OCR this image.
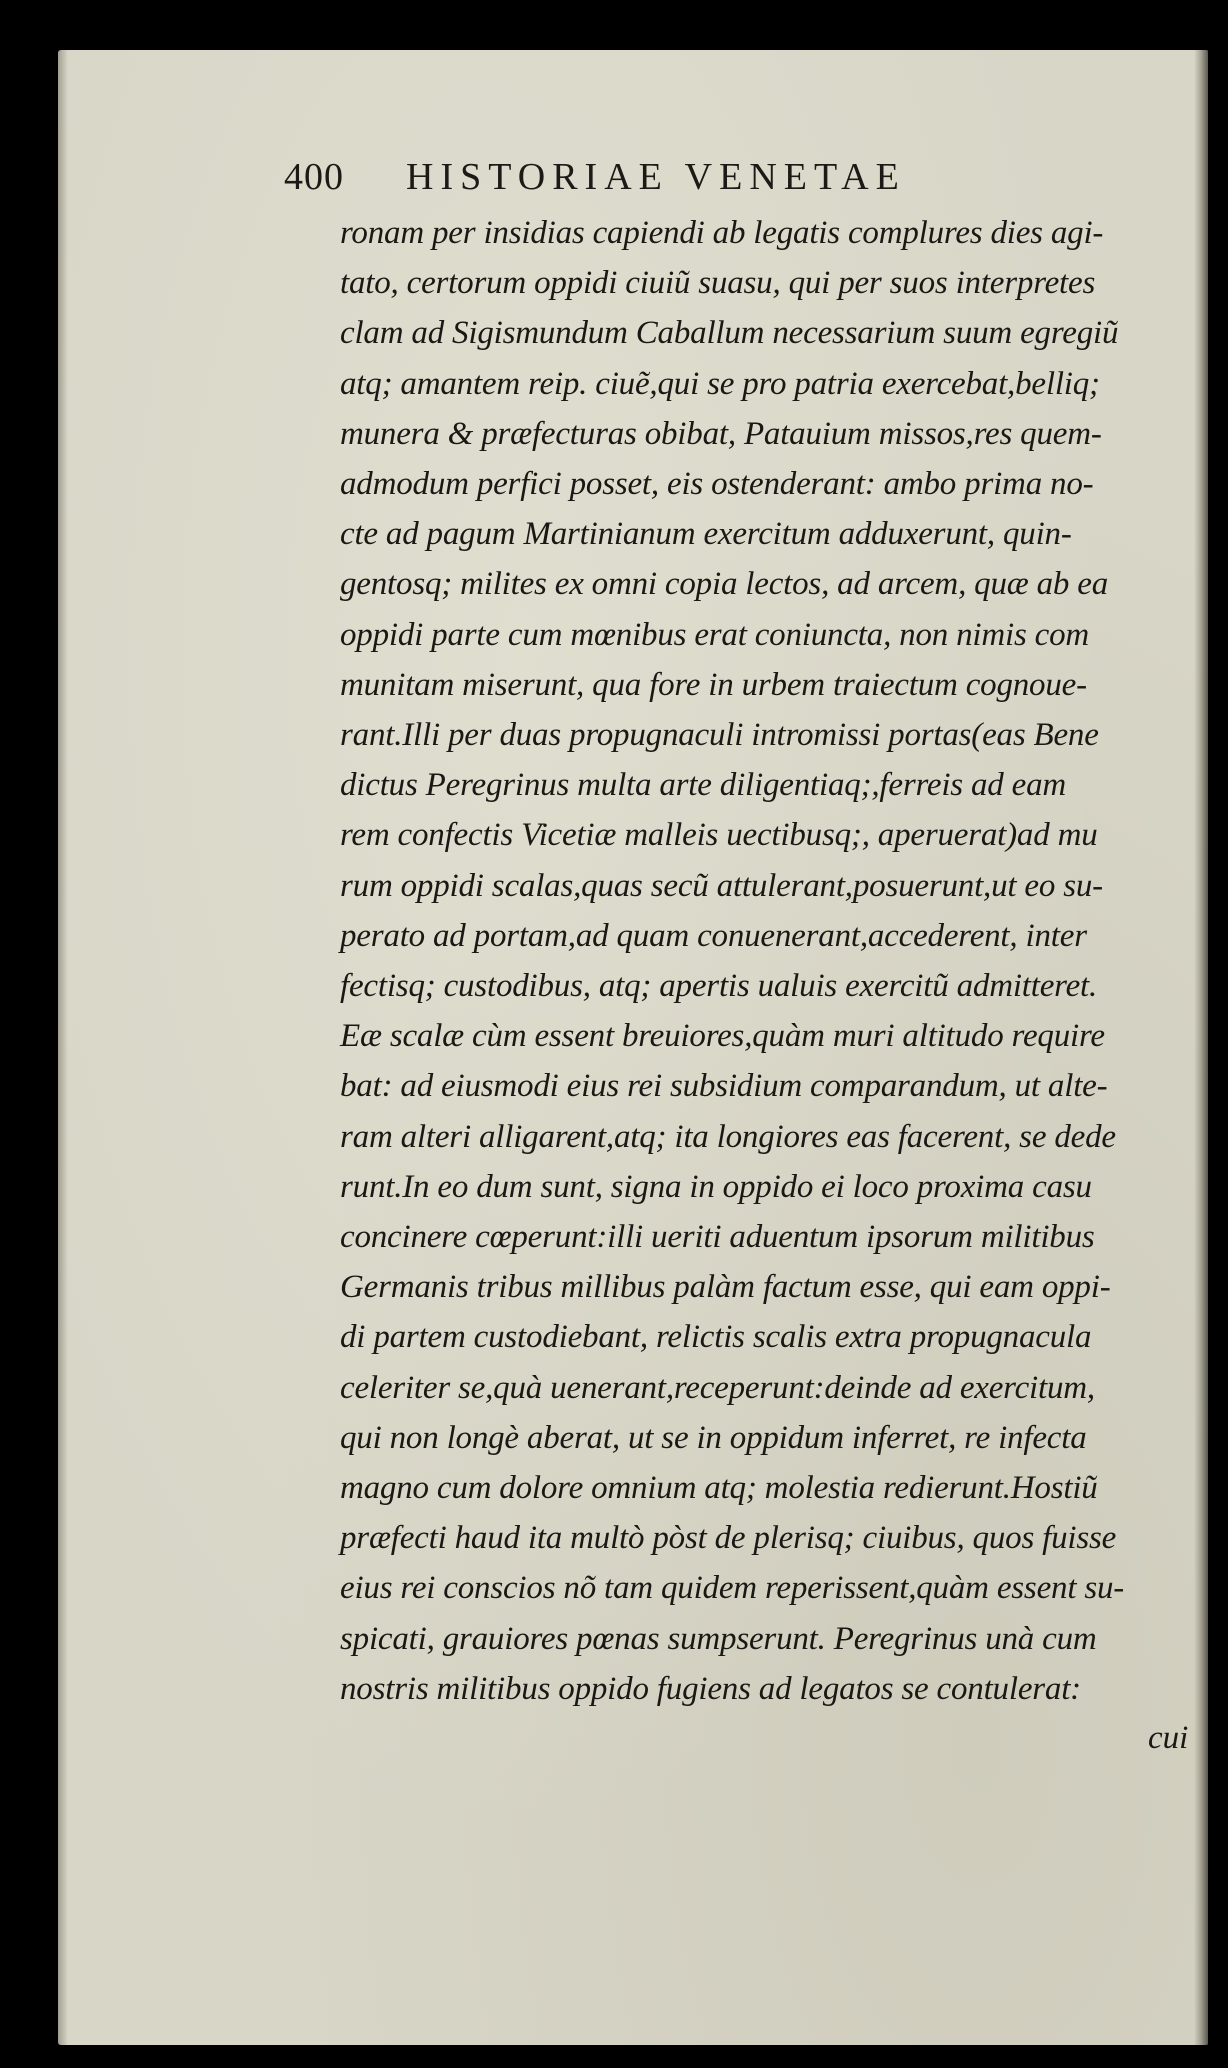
400 HISTORIAE VENETAE
ronam per insidias capiendi ab legatis complures dies agi-
tato, certorum oppidi ciuiũ suasu, qui per suos interpretes
clam ad Sigismundum Caballum necessarium suum egregiũ
atq; amantem reip. ciuẽ,qui se pro patria exercebat,belliq;
munera & præfecturas obibat, Patauium missos,res quem-
admodum perfici posset, eis ostenderant: ambo prima no-
cte ad pagum Martinianum exercitum adduxerunt, quin-
gentosq; milites ex omni copia lectos, ad arcem, quæ ab ea
oppidi parte cum mœnibus erat coniuncta, non nimis com
munitam miserunt, qua fore in urbem traiectum cognoue-
rant.Illi per duas propugnaculi intromissi portas(eas Bene
dictus Peregrinus multa arte diligentiaq;,ferreis ad eam
rem confectis Vicetiæ malleis uectibusq;, aperuerat)ad mu
rum oppidi scalas,quas secũ attulerant,posuerunt,ut eo su-
perato ad portam,ad quam conuenerant,accederent, inter
fectisq; custodibus, atq; apertis ualuis exercitũ admitteret.
Eæ scalæ cùm essent breuiores,quàm muri altitudo require
bat: ad eiusmodi eius rei subsidium comparandum, ut alte-
ram alteri alligarent,atq; ita longiores eas facerent, se dede
runt.In eo dum sunt, signa in oppido ei loco proxima casu
concinere cœperunt:illi ueriti aduentum ipsorum militibus
Germanis tribus millibus palàm factum esse, qui eam oppi-
di partem custodiebant, relictis scalis extra propugnacula
celeriter se,quà uenerant,receperunt:deinde ad exercitum,
qui non longè aberat, ut se in oppidum inferret, re infecta
magno cum dolore omnium atq; molestia redierunt.Hostiũ
præfecti haud ita multò pòst de plerisq; ciuibus, quos fuisse
eius rei conscios nõ tam quidem reperissent,quàm essent su-
spicati, grauiores pœnas sumpserunt. Peregrinus unà cum
nostris militibus oppido fugiens ad legatos se contulerat:
cui
